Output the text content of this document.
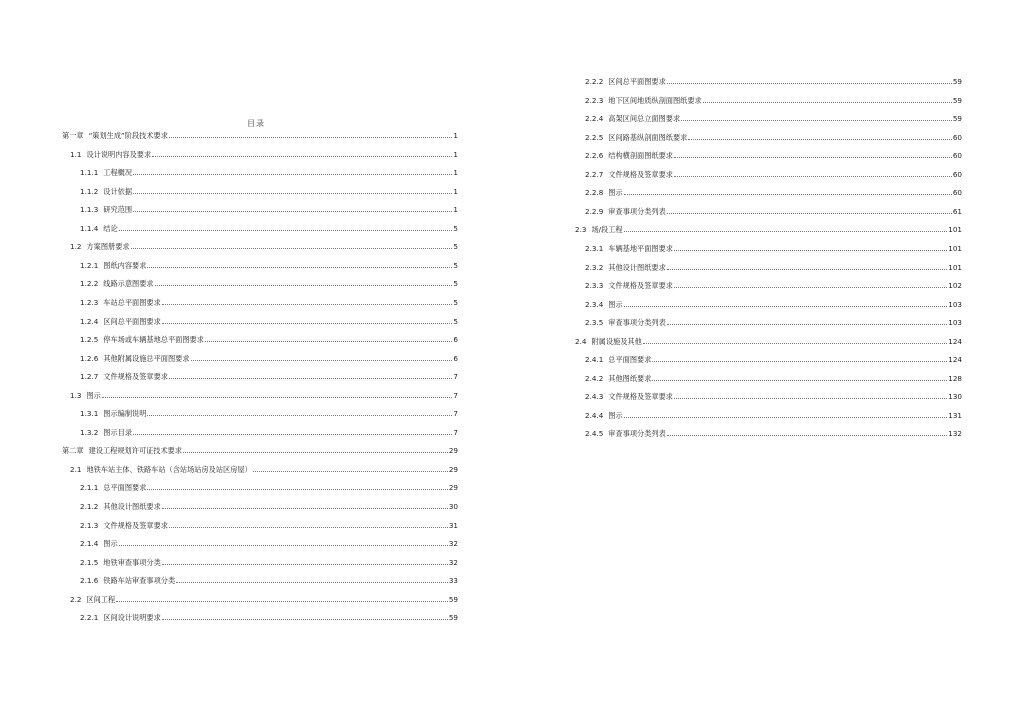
目录
第一章 “策划生成”阶段技术要求	1
1.1 设计说明内容及要求	1
1.1.1 工程概况	1
1.1.2 设计依据	1
1.1.3 研究范围	1
1.1.4 结论	5
1.2 方案图册要求	5
1.2.1 图纸内容要求	5
1.2.2 线路示意图要求	5
1.2.3 车站总平面图要求	5
1.2.4 区间总平面图要求	5
1.2.5 停车场或车辆基地总平面图要求	6
1.2.6 其他附属设施总平面图要求	6
1.2.7 文件规格及签章要求	7
1.3 图示	7
1.3.1 图示编制说明	7
1.3.2 图示目录	7
第二章 建设工程规划许可证技术要求	29
2.1 地铁车站主体、铁路车站（含站场站房及站区房屋）	29
2.1.1 总平面图要求	29
2.1.2 其他设计图纸要求	30
2.1.3 文件规格及签章要求	31
2.1.4 图示	32
2.1.5 地铁审查事项分类	32
2.1.6 铁路车站审查事项分类	33
2.2 区间工程	59
2.2.1 区间设计说明要求	59
2.2.2 区间总平面图要求	59
2.2.3 地下区间地质纵剖面图纸要求	59
2.2.4 高架区间总立面图要求	59
2.2.5 区间路基纵剖面图纸要求	60
2.2.6 结构横剖面图纸要求	60
2.2.7 文件规格及签章要求	60
2.2.8 图示	60
2.2.9 审查事项分类列表	61
2.3 场/段工程	101
2.3.1 车辆基地平面图要求	101
2.3.2 其他设计图纸要求	101
2.3.3 文件规格及签章要求	102
2.3.4 图示	103
2.3.5 审查事项分类列表	103
2.4 附属设施及其他	124
2.4.1 总平面图要求	124
2.4.2 其他图纸要求	128
2.4.3 文件规格及签章要求	130
2.4.4 图示	131
2.4.5 审查事项分类列表	132
